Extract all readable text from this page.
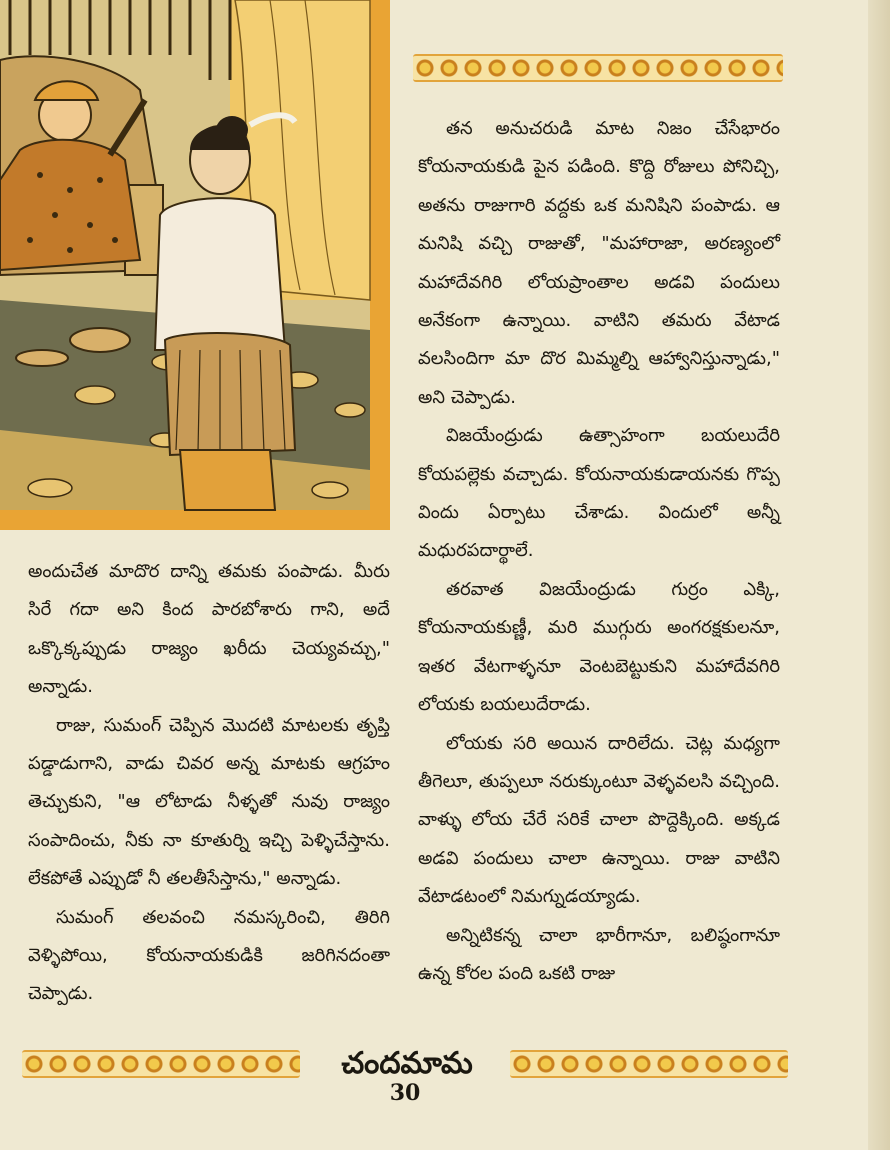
తన అనుచరుడి మాట నిజం చేసేభారం కోయనాయకుడి పైన పడింది. కొద్ది రోజులు పోనిచ్చి, అతను రాజుగారి వద్దకు ఒక మనిషిని పంపాడు. ఆ మనిషి వచ్చి రాజుతో, "మహారాజా, అరణ్యంలో మహాదేవగిరి లోయప్రాంతాల అడవి పందులు అనేకంగా ఉన్నాయి. వాటిని తమరు వేటాడ వలసిందిగా మా దొర మిమ్మల్ని ఆహ్వానిస్తున్నాడు," అని చెప్పాడు.

విజయేంద్రుడు ఉత్సాహంగా బయలుదేరి కోయపల్లెకు వచ్చాడు. కోయనాయకుడాయనకు గొప్ప విందు ఏర్పాటు చేశాడు. విందులో అన్నీ మధురపదార్థాలే.

తరవాత విజయేంద్రుడు గుర్రం ఎక్కి, కోయనాయకుణ్ణీ, మరి ముగ్గురు అంగరక్షకులనూ, ఇతర వేటగాళ్ళనూ వెంటబెట్టుకుని మహాదేవగిరి లోయకు బయలుదేరాడు.

లోయకు సరి అయిన దారిలేదు. చెట్ల మధ్యగా తీగెలూ, తుప్పలూ నరుక్కుంటూ వెళ్ళవలసి వచ్చింది. వాళ్ళు లోయ చేరే సరికే చాలా పొద్దెక్కింది. అక్కడ అడవి పందులు చాలా ఉన్నాయి. రాజు వాటిని వేటాడటంలో నిమగ్నుడయ్యాడు.

అన్నిటికన్న చాలా భారీగానూ, బలిష్ఠంగానూ ఉన్న కోరల పంది ఒకటి రాజు

అందుచేత మాదొర దాన్ని తమకు పంపాడు. మీరు సిరే గదా అని కింద పారబోశారు గాని, అదే ఒక్కొక్కప్పుడు రాజ్యం ఖరీదు చెయ్యవచ్చు," అన్నాడు.

రాజు, సుమంగ్ చెప్పిన మొదటి మాటలకు తృప్తి పడ్డాడుగాని, వాడు చివర అన్న మాటకు ఆగ్రహం తెచ్చుకుని, "ఆ లోటాడు నీళ్ళతో నువు రాజ్యం సంపాదించు, నీకు నా కూతుర్ని ఇచ్చి పెళ్ళిచేస్తాను. లేకపోతే ఎప్పుడో నీ తలతీసేస్తాను," అన్నాడు.

సుమంగ్ తలవంచి నమస్కరించి, తిరిగి వెళ్ళిపోయి, కోయనాయకుడికి జరిగినదంతా చెప్పాడు.

చందమామ
30
